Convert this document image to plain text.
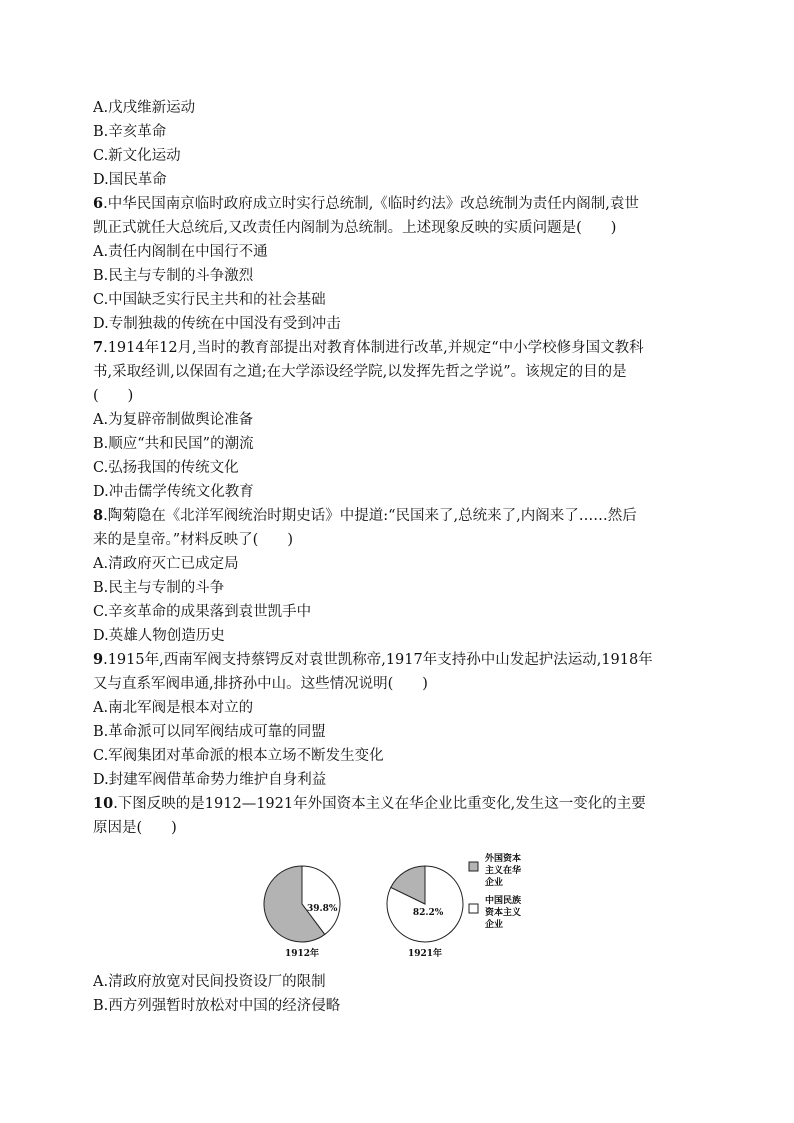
A.戊戌维新运动
B.辛亥革命
C.新文化运动
D.国民革命
6.中华民国南京临时政府成立时实行总统制,《临时约法》改总统制为责任内阁制,袁世
凯正式就任大总统后,又改责任内阁制为总统制。上述现象反映的实质问题是(　　)
A.责任内阁制在中国行不通
B.民主与专制的斗争激烈
C.中国缺乏实行民主共和的社会基础
D.专制独裁的传统在中国没有受到冲击
7.1914年12月,当时的教育部提出对教育体制进行改革,并规定“中小学校修身国文教科
书,采取经训,以保固有之道;在大学添设经学院,以发挥先哲之学说”。该规定的目的是
(　　)
A.为复辟帝制做舆论准备
B.顺应“共和民国”的潮流
C.弘扬我国的传统文化
D.冲击儒学传统文化教育
8.陶菊隐在《北洋军阀统治时期史话》中提道:“民国来了,总统来了,内阁来了……然后
来的是皇帝。”材料反映了(　　)
A.清政府灭亡已成定局
B.民主与专制的斗争
C.辛亥革命的成果落到袁世凯手中
D.英雄人物创造历史
9.1915年,西南军阀支持蔡锷反对袁世凯称帝,1917年支持孙中山发起护法运动,1918年
又与直系军阀串通,排挤孙中山。这些情况说明(　　)
A.南北军阀是根本对立的
B.革命派可以同军阀结成可靠的同盟
C.军阀集团对革命派的根本立场不断发生变化
D.封建军阀借革命势力维护自身利益
10.下图反映的是1912—1921年外国资本主义在华企业比重变化,发生这一变化的主要
原因是(　　)
39.8%
1912年
82.2%
1921年
外国资本
主义在华
企业
中国民族
资本主义
企业
A.清政府放宽对民间投资设厂的限制
B.西方列强暂时放松对中国的经济侵略
